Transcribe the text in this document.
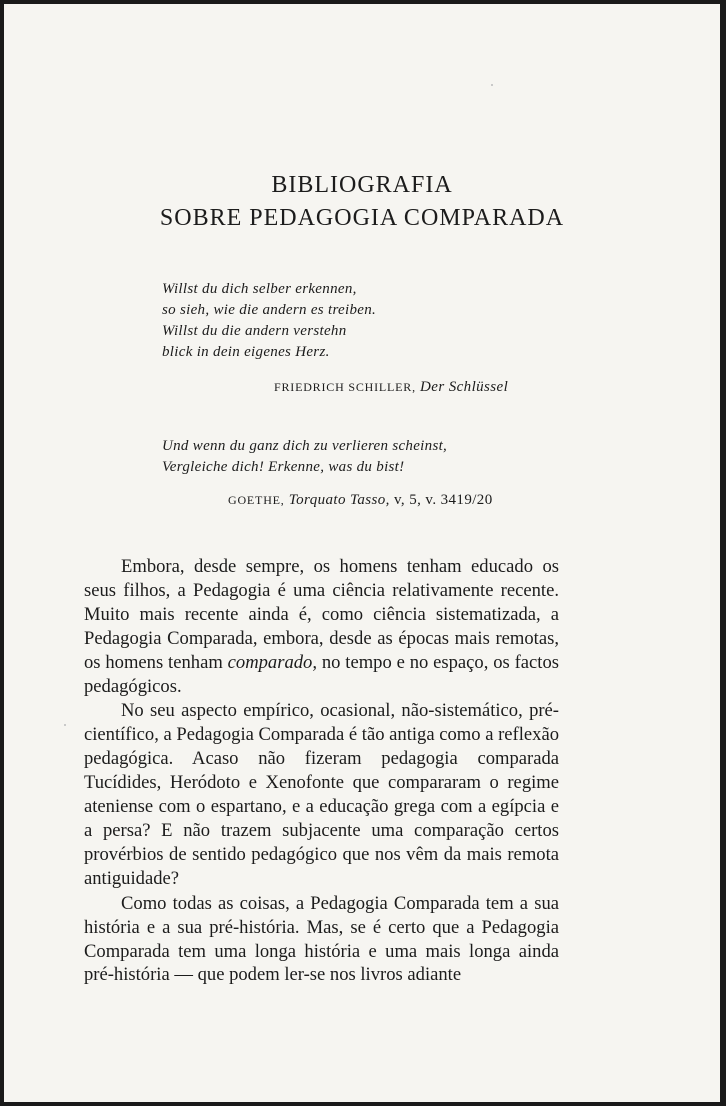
BIBLIOGRAFIA
SOBRE PEDAGOGIA COMPARADA
Willst du dich selber erkennen,
so sieh, wie die andern es treiben.
Willst du die andern verstehn
blick in dein eigenes Herz.
FRIEDRICH SCHILLER, Der Schlüssel
Und wenn du ganz dich zu verlieren scheinst,
Vergleiche dich! Erkenne, was du bist!
GOETHE, Torquato Tasso, v, 5, v. 3419/20

Embora, desde sempre, os homens tenham educado os seus filhos, a Pedagogia é uma ciência relativamente recente. Muito mais recente ainda é, como ciência sistematizada, a Pedagogia Comparada, embora, desde as épocas mais remotas, os homens tenham comparado, no tempo e no espaço, os factos pedagógicos.

No seu aspecto empírico, ocasional, não-sistemático, pré-científico, a Pedagogia Comparada é tão antiga como a reflexão pedagógica. Acaso não fizeram pedagogia comparada Tucídides, Heródoto e Xenofonte que compararam o regime ateniense com o espartano, e a educação grega com a egípcia e a persa? E não trazem subjacente uma comparação certos provérbios de sentido pedagógico que nos vêm da mais remota antiguidade?

Como todas as coisas, a Pedagogia Comparada tem a sua história e a sua pré-história. Mas, se é certo que a Pedagogia Comparada tem uma longa história e uma mais longa ainda pré-história — que podem ler-se nos livros adiante
